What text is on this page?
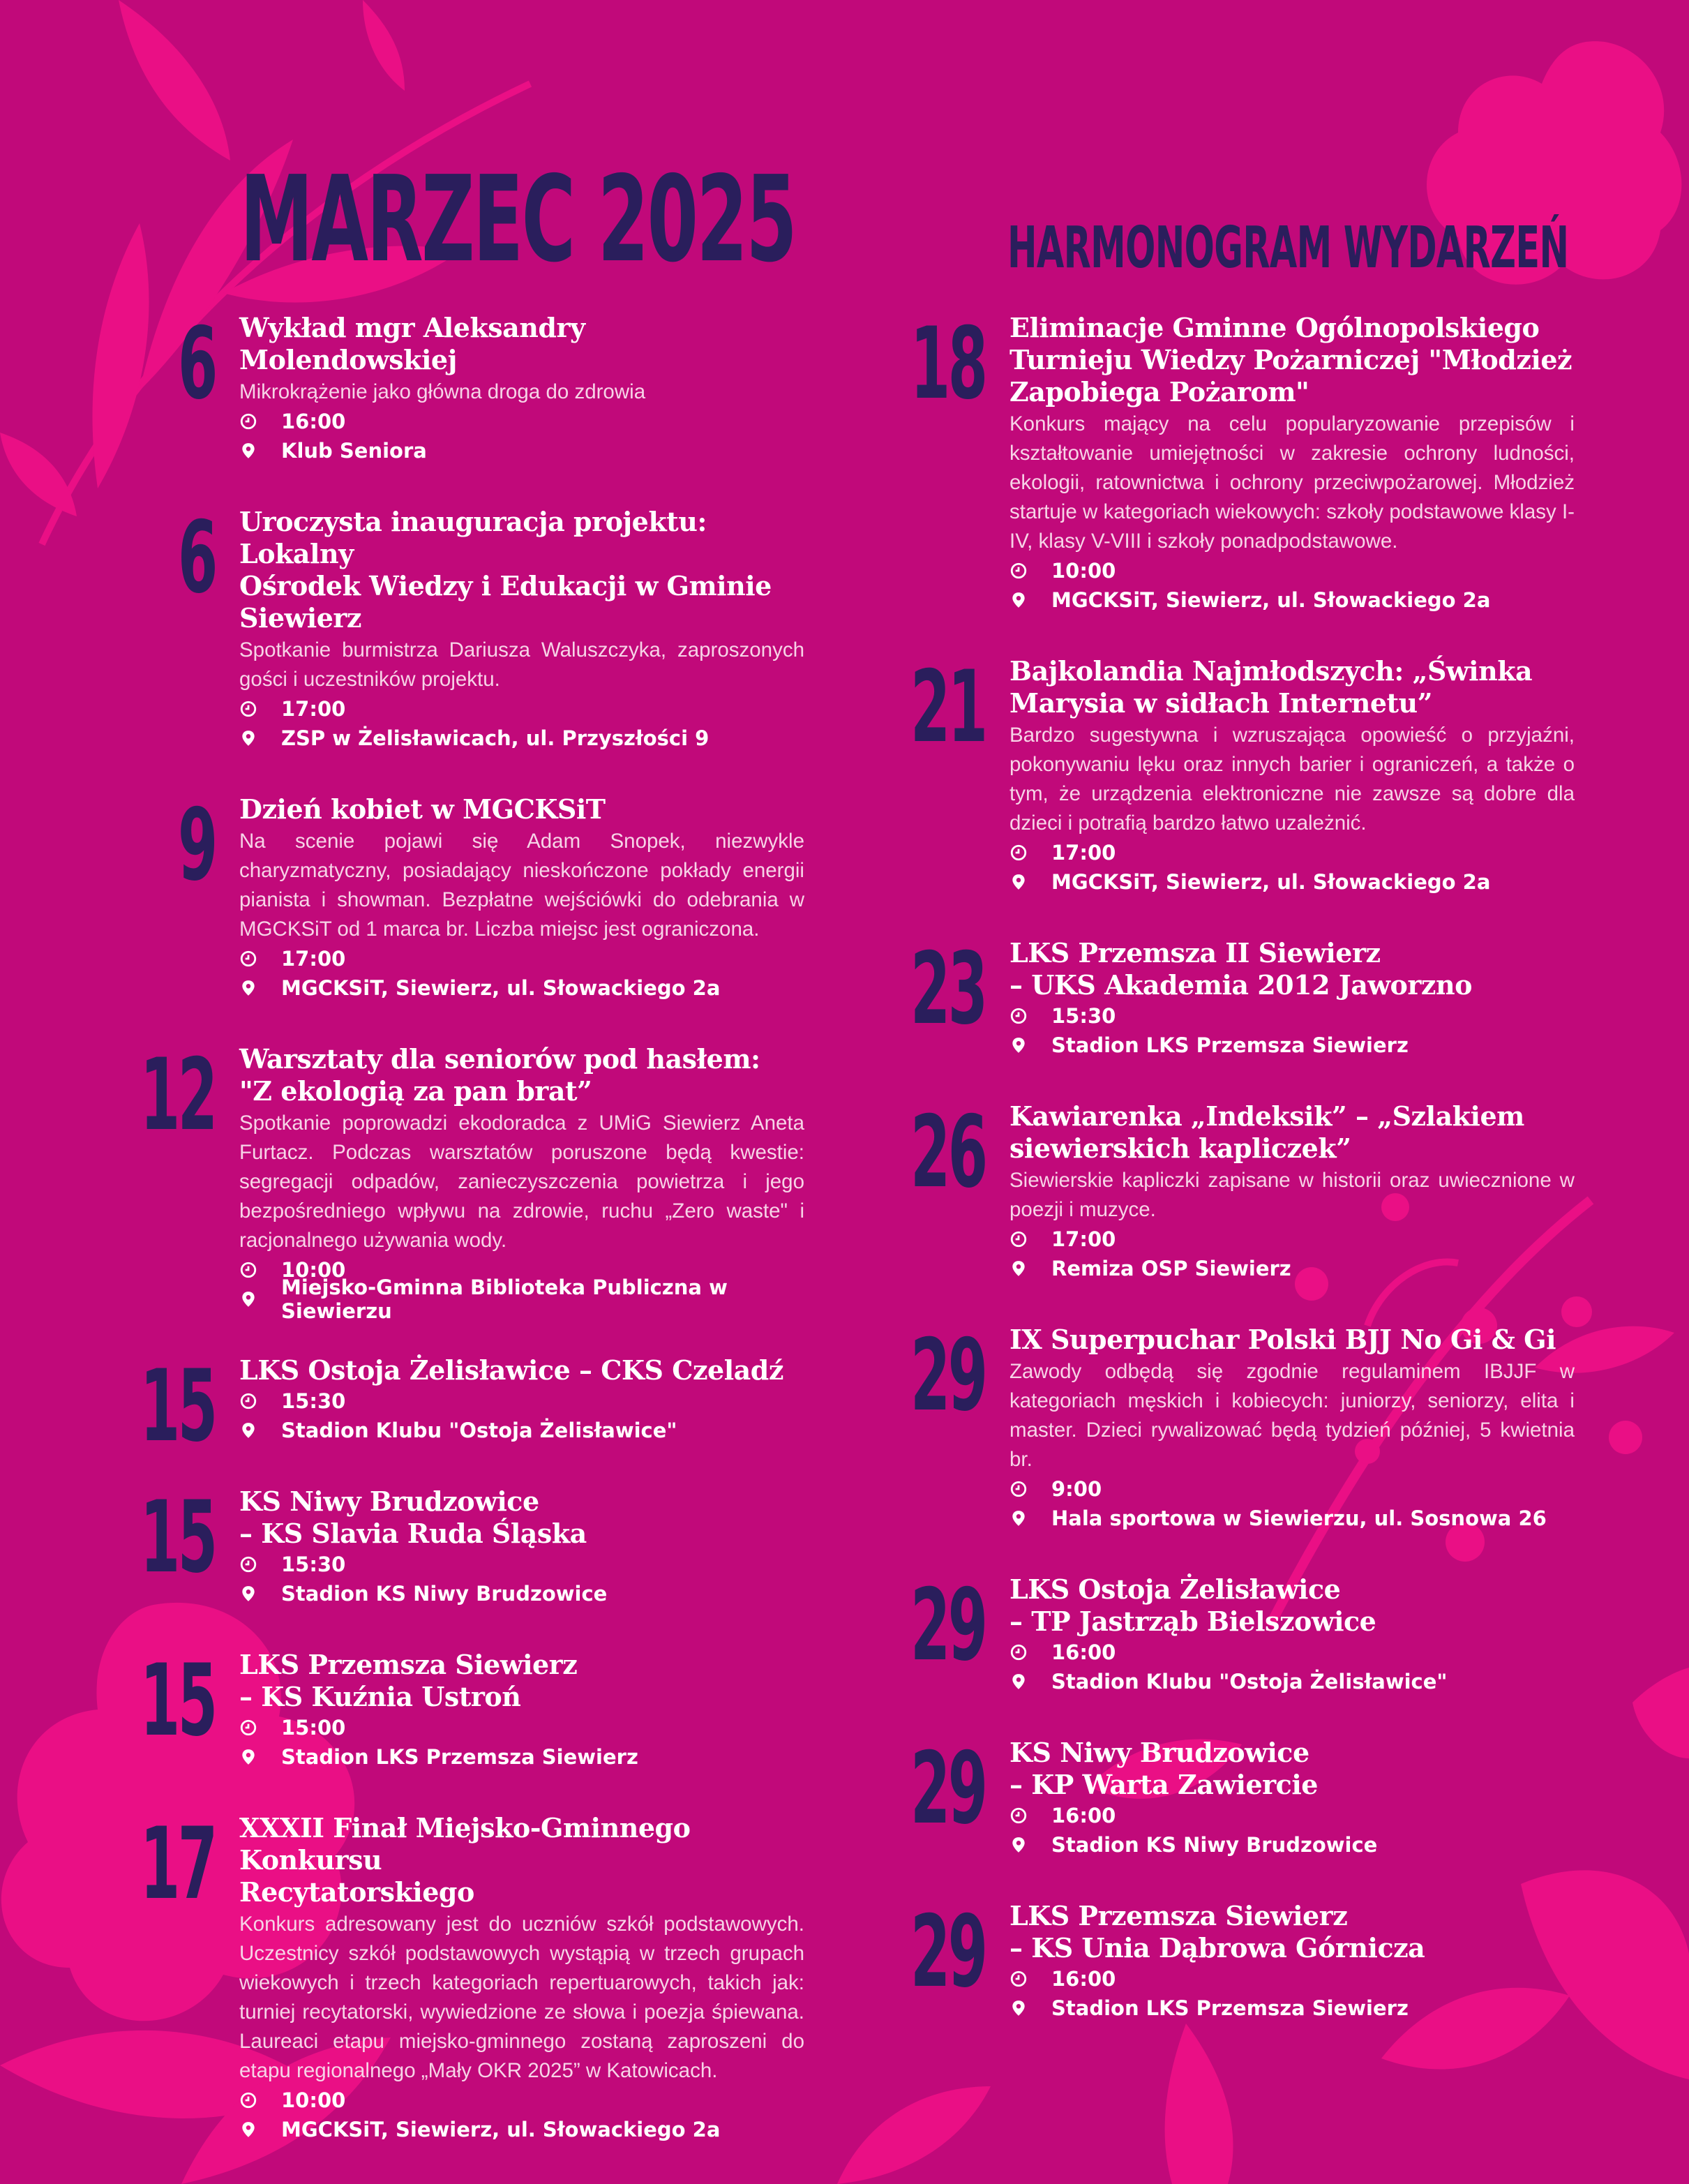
MARZEC 2025	HARMONOGRAM WYDARZEŃ
6 Wykład mgr Aleksandry Molendowskiej

Mikrokrążenie jako główna droga do zdrowia

16:00
Klub Seniora
6 Uroczysta inauguracja projektu: Lokalny
Ośrodek Wiedzy i Edukacji w Gminie
Siewierz

Spotkanie burmistrza Dariusza Waluszczyka, zaproszonych gości i uczestników projektu.

17:00
ZSP w Żelisławicach, ul. Przyszłości 9
9 Dzień kobiet w MGCKSiT

Na scenie pojawi się Adam Snopek, niezwykle charyzmatyczny, posiadający nieskończone pokłady energii pianista i showman. Bezpłatne wejściówki do odebrania w MGCKSiT od 1 marca br. Liczba miejsc jest ograniczona.

17:00
MGCKSiT, Siewierz, ul. Słowackiego 2a
12 Warsztaty dla seniorów pod hasłem:
"Z ekologią za pan brat”

Spotkanie poprowadzi ekodoradca z UMiG Siewierz Aneta Furtacz. Podczas warsztatów poruszone będą kwestie: segregacji odpadów, zanieczyszczenia powietrza i jego bezpośredniego wpływu na zdrowie, ruchu „Zero waste" i racjonalnego używania wody.

10:00
Miejsko-Gminna Biblioteka Publiczna w Siewierzu
15 LKS Ostoja Żelisławice – CKS Czeladź

15:30
Stadion Klubu "Ostoja Żelisławice"
15 KS Niwy Brudzowice
– KS Slavia Ruda Śląska

15:30
Stadion KS Niwy Brudzowice
15 LKS Przemsza Siewierz
– KS Kuźnia Ustroń

15:00
Stadion LKS Przemsza Siewierz
17 XXXII Finał Miejsko-Gminnego Konkursu
Recytatorskiego

Konkurs adresowany jest do uczniów szkół podstawowych. Uczestnicy szkół podstawowych wystąpią w trzech grupach wiekowych i trzech kategoriach repertuarowych, takich jak: turniej recytatorski, wywiedzione ze słowa i poezja śpiewana. Laureaci etapu miejsko-gminnego zostaną zaproszeni do etapu regionalnego „Mały OKR 2025” w Katowicach.

10:00
MGCKSiT, Siewierz, ul. Słowackiego 2a
18 Eliminacje Gminne Ogólnopolskiego
Turnieju Wiedzy Pożarniczej "Młodzież
Zapobiega Pożarom"

Konkurs mający na celu popularyzowanie przepisów i kształtowanie umiejętności w zakresie ochrony ludności, ekologii, ratownictwa i ochrony przeciwpożarowej. Młodzież startuje w kategoriach wiekowych: szkoły podstawowe klasy I-IV, klasy V-VIII i szkoły ponadpodstawowe.

10:00
MGCKSiT, Siewierz, ul. Słowackiego 2a
21 Bajkolandia Najmłodszych: „Świnka
Marysia w sidłach Internetu”

Bardzo sugestywna i wzruszająca opowieść o przyjaźni, pokonywaniu lęku oraz innych barier i ograniczeń, a także o tym, że urządzenia elektroniczne nie zawsze są dobre dla dzieci i potrafią bardzo łatwo uzależnić.

17:00
MGCKSiT, Siewierz, ul. Słowackiego 2a
23 LKS Przemsza II Siewierz
– UKS Akademia 2012 Jaworzno

15:30
Stadion LKS Przemsza Siewierz
26 Kawiarenka „Indeksik” – „Szlakiem
siewierskich kapliczek”

Siewierskie kapliczki zapisane w historii oraz uwiecznione w poezji i muzyce.

17:00
Remiza OSP Siewierz
29 IX Superpuchar Polski BJJ No Gi & Gi

Zawody odbędą się zgodnie regulaminem IBJJF w kategoriach męskich i kobiecych: juniorzy, seniorzy, elita i master. Dzieci rywalizować będą tydzień później, 5 kwietnia br.

9:00
Hala sportowa w Siewierzu, ul. Sosnowa 26
29 LKS Ostoja Żelisławice
– TP Jastrząb Bielszowice

16:00
Stadion Klubu "Ostoja Żelisławice"
29 KS Niwy Brudzowice
– KP Warta Zawiercie

16:00
Stadion KS Niwy Brudzowice
29 LKS Przemsza Siewierz
– KS Unia Dąbrowa Górnicza

16:00
Stadion LKS Przemsza Siewierz
